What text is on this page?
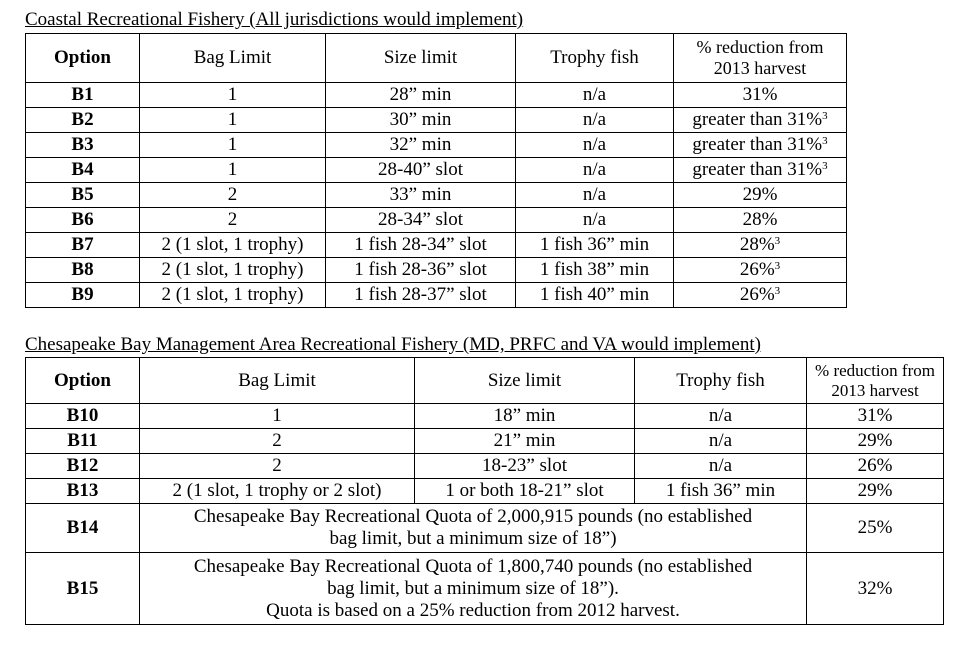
Coastal Recreational Fishery (All jurisdictions would implement)
Option	Bag Limit	Size limit	Trophy fish	% reduction from
2013 harvest
B1	1	28” min	n/a	31%
B2	1	30” min	n/a	greater than 31%$^3$
B3	1	32” min	n/a	greater than 31%$^3$
B4	1	28-40” slot	n/a	greater than 31%$^3$
B5	2	33” min	n/a	29%
B6	2	28-34” slot	n/a	28%
B7	2 (1 slot, 1 trophy)	1 fish 28-34” slot	1 fish 36” min	28%$^3$
B8	2 (1 slot, 1 trophy)	1 fish 28-36” slot	1 fish 38” min	26%$^3$
B9	2 (1 slot, 1 trophy)	1 fish 28-37” slot	1 fish 40” min	26%$^3$
Chesapeake Bay Management Area Recreational Fishery (MD, PRFC and VA would implement)
Option	Bag Limit	Size limit	Trophy fish	% reduction from
2013 harvest
B10	1	18” min	n/a	31%
B11	2	21” min	n/a	29%
B12	2	18-23” slot	n/a	26%
B13	2 (1 slot, 1 trophy or 2 slot)	1 or both 18-21” slot	1 fish 36” min	29%
B14	Chesapeake Bay Recreational Quota of 2,000,915 pounds (no established
bag limit, but a minimum size of 18”)			25%
B15	Chesapeake Bay Recreational Quota of 1,800,740 pounds (no established
bag limit, but a minimum size of 18”).
Quota is based on a 25% reduction from 2012 harvest.			32%
